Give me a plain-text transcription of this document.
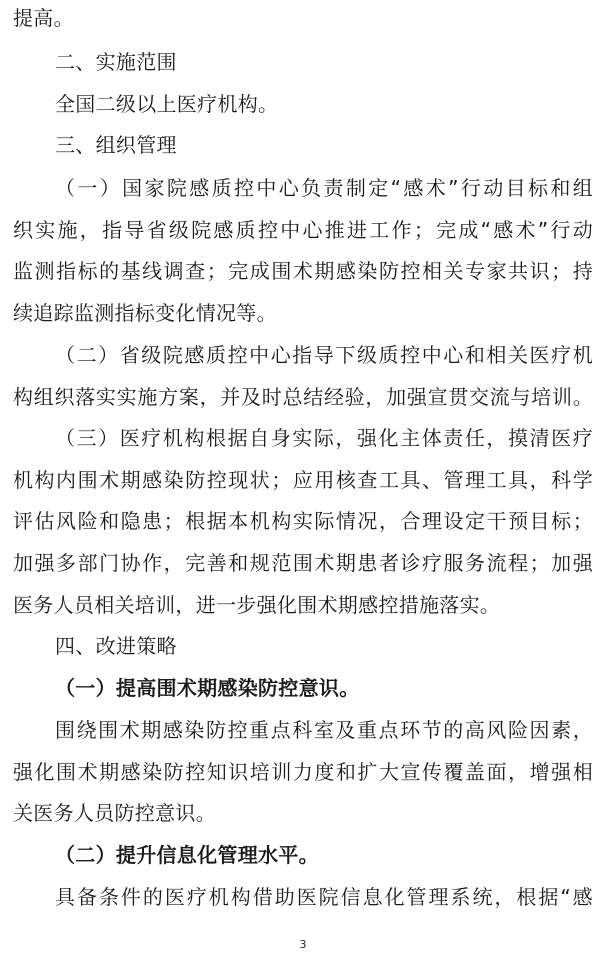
提高。
二、实施范围
全国二级以上医疗机构。
三、组织管理
（一）国家院感质控中心负责制定“感术”行动目标和组
织实施，指导省级院感质控中心推进工作；完成“感术”行动
监测指标的基线调查；完成围术期感染防控相关专家共识；持
续追踪监测指标变化情况等。
（二）省级院感质控中心指导下级质控中心和相关医疗机
构组织落实实施方案，并及时总结经验，加强宣贯交流与培训。
（三）医疗机构根据自身实际，强化主体责任，摸清医疗
机构内围术期感染防控现状；应用核查工具、管理工具，科学
评估风险和隐患；根据本机构实际情况，合理设定干预目标；
加强多部门协作，完善和规范围术期患者诊疗服务流程；加强
医务人员相关培训，进一步强化围术期感控措施落实。
四、改进策略
（一）提高围术期感染防控意识。
围绕围术期感染防控重点科室及重点环节的高风险因素，
强化围术期感染防控知识培训力度和扩大宣传覆盖面，增强相
关医务人员防控意识。
（二）提升信息化管理水平。
具备条件的医疗机构借助医院信息化管理系统，根据“感
3
